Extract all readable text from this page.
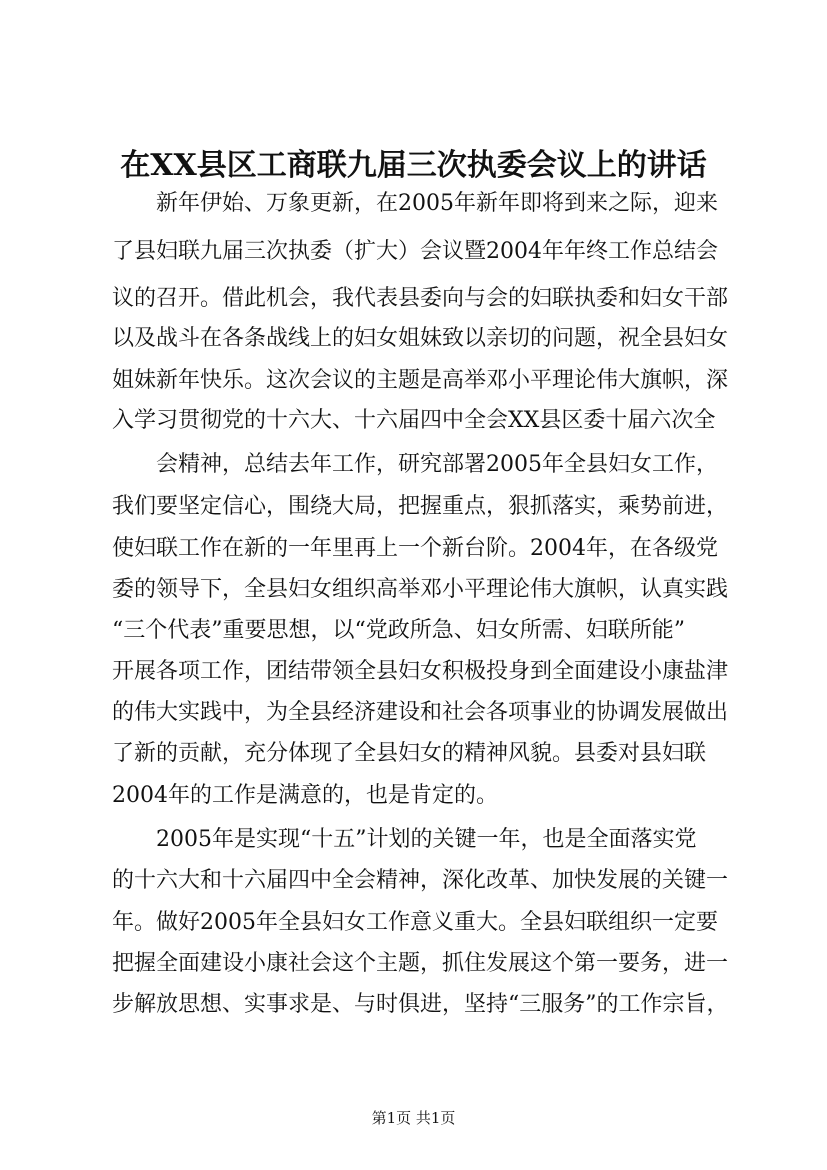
在XX县区工商联九届三次执委会议上的讲话
新年伊始、万象更新，在2005年新年即将到来之际，迎来
了县妇联九届三次执委（扩大）会议暨2004年年终工作总结会
议的召开。借此机会，我代表县委向与会的妇联执委和妇女干部
以及战斗在各条战线上的妇女姐妹致以亲切的问题，祝全县妇女
姐妹新年快乐。这次会议的主题是高举邓小平理论伟大旗帜，深
入学习贯彻党的十六大、十六届四中全会XX县区委十届六次全
会精神，总结去年工作，研究部署2005年全县妇女工作，
我们要坚定信心，围绕大局，把握重点，狠抓落实，乘势前进，
使妇联工作在新的一年里再上一个新台阶。2004年，在各级党
委的领导下，全县妇女组织高举邓小平理论伟大旗帜，认真实践
“三个代表”重要思想，以“党政所急、妇女所需、妇联所能”
开展各项工作，团结带领全县妇女积极投身到全面建设小康盐津
的伟大实践中，为全县经济建设和社会各项事业的协调发展做出
了新的贡献，充分体现了全县妇女的精神风貌。县委对县妇联
2004年的工作是满意的，也是肯定的。
2005年是实现“十五”计划的关键一年，也是全面落实党
的十六大和十六届四中全会精神，深化改革、加快发展的关键一
年。做好2005年全县妇女工作意义重大。全县妇联组织一定要
把握全面建设小康社会这个主题，抓住发展这个第一要务，进一
步解放思想、实事求是、与时俱进，坚持“三服务”的工作宗旨，
第1页 共1页
